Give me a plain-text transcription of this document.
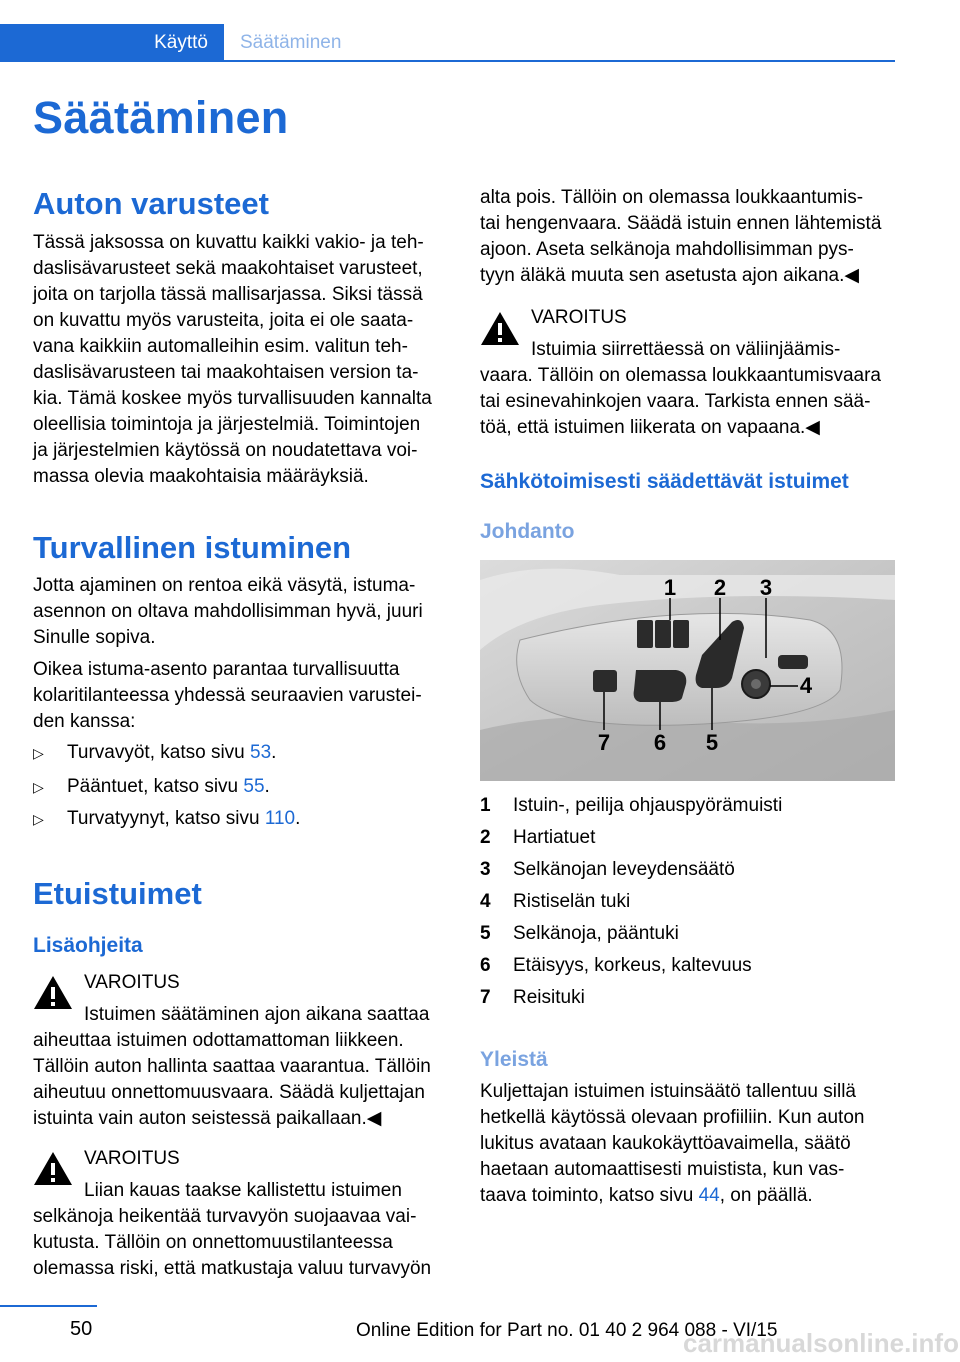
Käyttö Säätäminen
Säätäminen
Auton varusteet
Tässä jaksossa on kuvattu kaikki vakio- ja teh‐
daslisävarusteet sekä maakohtaiset varusteet,
joita on tarjolla tässä mallisarjassa. Siksi tässä
on kuvattu myös varusteita, joita ei ole saata‐
vana kaikkiin automalleihin esim. valitun teh‐
daslisävarusteen tai maakohtaisen version ta‐
kia. Tämä koskee myös turvallisuuden kannalta
oleellisia toimintoja ja järjestelmiä. Toimintojen
ja järjestelmien käytössä on noudatettava voi‐
massa olevia maakohtaisia määräyksiä.
Turvallinen istuminen
Jotta ajaminen on rentoa eikä väsytä, istuma‐
asennon on oltava mahdollisimman hyvä, juuri
Sinulle sopiva.
Oikea istuma-asento parantaa turvallisuutta
kolaritilanteessa yhdessä seuraavien varustei‐
den kanssa:
▷ Turvavyöt, katso sivu 53.
▷ Pääntuet, katso sivu 55.
▷ Turvatyynyt, katso sivu 110.
Etuistuimet
Lisäohjeita
VAROITUS
Istuimen säätäminen ajon aikana saattaa
aiheuttaa istuimen odottamattoman liikkeen.
Tällöin auton hallinta saattaa vaarantua. Tällöin
aiheutuu onnettomuusvaara. Säädä kuljettajan
istuinta vain auton seistessä paikallaan.◀
VAROITUS
Liian kauas taakse kallistettu istuimen
selkänoja heikentää turvavyön suojaavaa vai‐
kutusta. Tällöin on onnettomuustilanteessa
olemassa riski, että matkustaja valuu turvavyön
alta pois. Tällöin on olemassa loukkaantumis‐
tai hengenvaara. Säädä istuin ennen lähtemistä
ajoon. Aseta selkänoja mahdollisimman pys‐
tyyn äläkä muuta sen asetusta ajon aikana.◀
VAROITUS
Istuimia siirrettäessä on väliinjäämis‐
vaara. Tällöin on olemassa loukkaantumisvaara
tai esinevahinkojen vaara. Tarkista ennen sää‐
töä, että istuimen liikerata on vapaana.◀
Sähkötoimisesti säädettävät istuimet
Johdanto
1 2 3
4
5
6
7
1 Istuin-, peilija ohjauspyörämuisti
2 Hartiatuet
3 Selkänojan leveydensäätö
4 Ristiselän tuki
5 Selkänoja, pääntuki
6 Etäisyys, korkeus, kaltevuus
7 Reisituki
Yleistä
Kuljettajan istuimen istuinsäätö tallentuu sillä
hetkellä käytössä olevaan profiiliin. Kun auton
lukitus avataan kaukokäyttöavaimella, säätö
haetaan automaattisesti muistista, kun vas‐
taava toiminto, katso sivu 44, on päällä.
50	Online Edition for Part no. 01 40 2 964 088 - VI/15
carmanualsonline.info
